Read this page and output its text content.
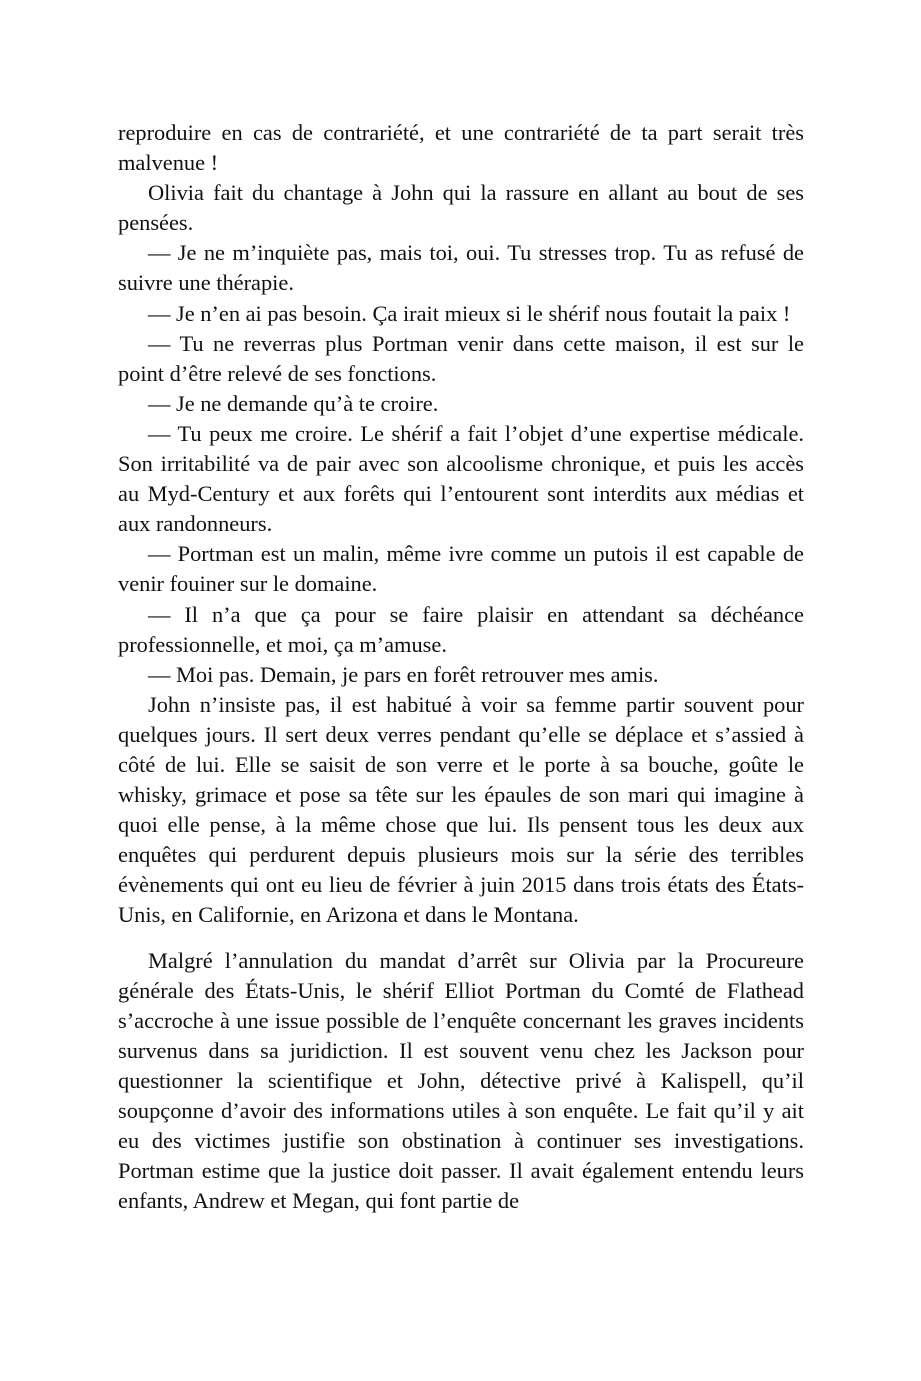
reproduire en cas de contrariété, et une contrariété de ta part serait très malvenue !

Olivia fait du chantage à John qui la rassure en allant au bout de ses pensées.

— Je ne m’inquiète pas, mais toi, oui. Tu stresses trop. Tu as refusé de suivre une thérapie.

— Je n’en ai pas besoin. Ça irait mieux si le shérif nous foutait la paix !

— Tu ne reverras plus Portman venir dans cette maison, il est sur le point d’être relevé de ses fonctions.

— Je ne demande qu’à te croire.

— Tu peux me croire. Le shérif a fait l’objet d’une expertise médicale. Son irritabilité va de pair avec son alcoolisme chronique, et puis les accès au Myd-Century et aux forêts qui l’entourent sont interdits aux médias et aux randonneurs.

— Portman est un malin, même ivre comme un putois il est capable de venir fouiner sur le domaine.

— Il n’a que ça pour se faire plaisir en attendant sa déchéance professionnelle, et moi, ça m’amuse.

— Moi pas. Demain, je pars en forêt retrouver mes amis.

John n’insiste pas, il est habitué à voir sa femme partir souvent pour quelques jours. Il sert deux verres pendant qu’elle se déplace et s’assied à côté de lui. Elle se saisit de son verre et le porte à sa bouche, goûte le whisky, grimace et pose sa tête sur les épaules de son mari qui imagine à quoi elle pense, à la même chose que lui. Ils pensent tous les deux aux enquêtes qui perdurent depuis plusieurs mois sur la série des terribles évènements qui ont eu lieu de février à juin 2015 dans trois états des États-Unis, en Californie, en Arizona et dans le Montana.

Malgré l’annulation du mandat d’arrêt sur Olivia par la Procureure générale des États-Unis, le shérif Elliot Portman du Comté de Flathead s’accroche à une issue possible de l’enquête concernant les graves incidents survenus dans sa juridiction. Il est souvent venu chez les Jackson pour questionner la scientifique et John, détective privé à Kalispell, qu’il soupçonne d’avoir des informations utiles à son enquête. Le fait qu’il y ait eu des victimes justifie son obstination à continuer ses investigations. Portman estime que la justice doit passer. Il avait également entendu leurs enfants, Andrew et Megan, qui font partie de
